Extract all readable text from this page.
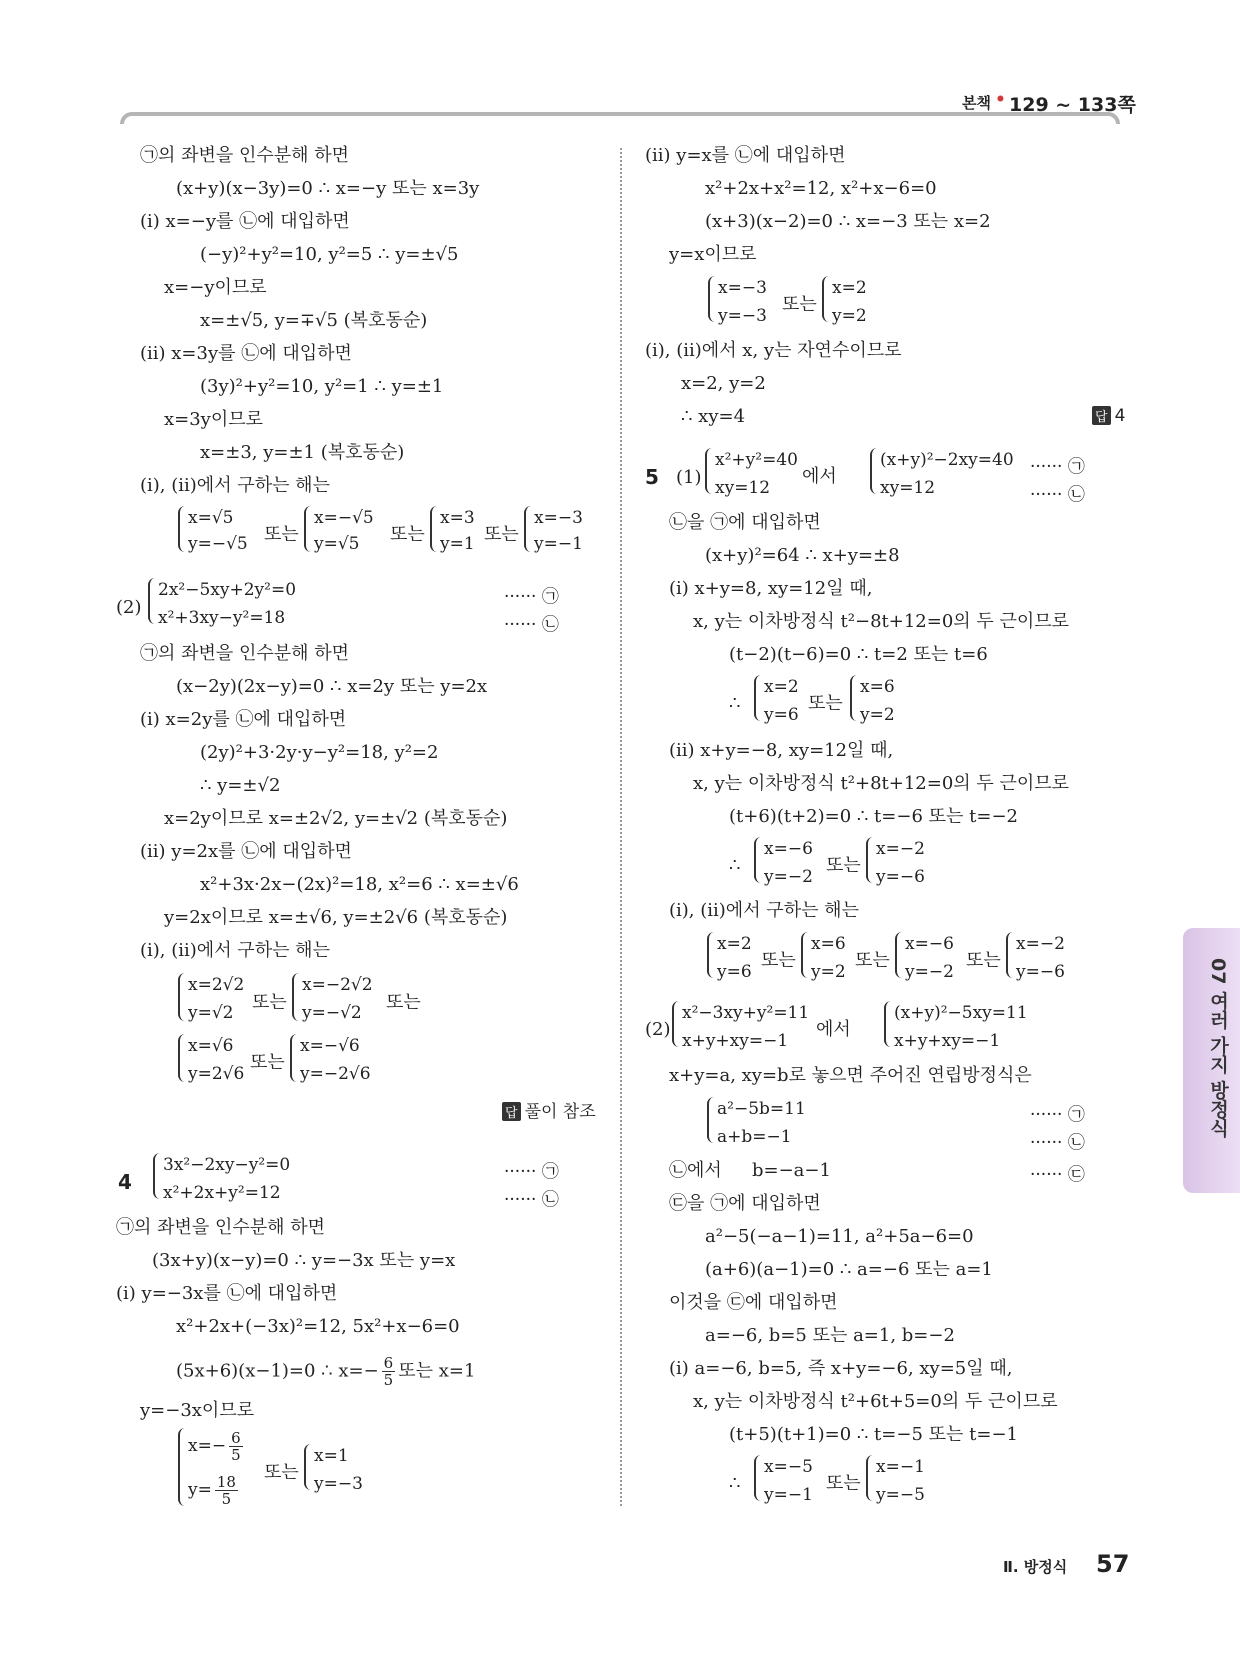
본책 • 129 ~ 133쪽
㉠의 좌변을 인수분해 하면
(x+y)(x−3y)=0 ∴ x=−y 또는 x=3y
(ⅰ) x=−y를 ㉡에 대입하면
(−y)²+y²=10, y²=5 ∴ y=±√5
x=−y이므로
x=±√5, y=∓√5 (복호동순)
(ⅱ) x=3y를 ㉡에 대입하면
(3y)²+y²=10, y²=1 ∴ y=±1
x=3y이므로
x=±3, y=±1 (복호동순)
(ⅰ), (ⅱ)에서 구하는 해는
x=√5
y=−√5 또는
x=−√5
y=√5 또는
x=3
y=1 또는
x=−3
y=−1
(2)
2x²−5xy+2y²=0
x²+3xy−y²=18
······ ㉠
······ ㉡
㉠의 좌변을 인수분해 하면
(x−2y)(2x−y)=0 ∴ x=2y 또는 y=2x
(ⅰ) x=2y를 ㉡에 대입하면
(2y)²+3·2y·y−y²=18, y²=2
∴ y=±√2
x=2y이므로 x=±2√2, y=±√2 (복호동순)
(ⅱ) y=2x를 ㉡에 대입하면
x²+3x·2x−(2x)²=18, x²=6 ∴ x=±√6
y=2x이므로 x=±√6, y=±2√6 (복호동순)
(ⅰ), (ⅱ)에서 구하는 해는
x=2√2
y=√2 또는
x=−2√2
y=−√2 또는
x=√6
y=2√6
또는
x=−√6
y=−2√6
답 풀이 참조
4
3x²−2xy−y²=0
x²+2x+y²=12
······ ㉠
······ ㉡
㉠의 좌변을 인수분해 하면
(3x+y)(x−y)=0 ∴ y=−3x 또는 y=x
(ⅰ) y=−3x를 ㉡에 대입하면
x²+2x+(−3x)²=12, 5x²+x−6=0
(5x+6)(x−1)=0 ∴ $x=- \frac{6}{5}$ 또는 x=1
y=−3x이므로
$x=- \frac{6}{5}$
$y= \frac{18}{5}$
또는
x=1
y=−3
(ⅱ) y=x를 ㉡에 대입하면
x²+2x+x²=12, x²+x−6=0
(x+3)(x−2)=0 ∴ x=−3 또는 x=2
y=x이므로
x=−3
y=−3
또는
x=2
y=2
(ⅰ), (ⅱ)에서 x, y는 자연수이므로
x=2, y=2
∴ xy=4	답 4
5 (1)
x²+y²=40
xy=12
에서
(x+y)²−2xy=40
xy=12
······ ㉠
······ ㉡
㉡을 ㉠에 대입하면
(x+y)²=64 ∴ x+y=±8
(ⅰ) x+y=8, xy=12일 때,
x, y는 이차방정식 t²−8t+12=0의 두 근이므로
(t−2)(t−6)=0 ∴ t=2 또는 t=6
∴
x=2
y=6
또는
x=6
y=2
(ⅱ) x+y=−8, xy=12일 때,
x, y는 이차방정식 t²+8t+12=0의 두 근이므로
(t+6)(t+2)=0 ∴ t=−6 또는 t=−2
∴
x=−6
y=−2
또는
x=−2
y=−6
(ⅰ), (ⅱ)에서 구하는 해는
x=2
y=6
또는
x=6
y=2
또는
x=−6
y=−2
또는
x=−2
y=−6
(2)
x²−3xy+y²=11
x+y+xy=−1
에서
(x+y)²−5xy=11
x+y+xy=−1
x+y=a, xy=b로 놓으면 주어진 연립방정식은
a²−5b=11
a+b=−1
······ ㉠
······ ㉡
㉡에서 b=−a−1	······ ㉢
㉢을 ㉠에 대입하면
a²−5(−a−1)=11, a²+5a−6=0
(a+6)(a−1)=0 ∴ a=−6 또는 a=1
이것을 ㉢에 대입하면
a=−6, b=5 또는 a=1, b=−2
(ⅰ) a=−6, b=5, 즉 x+y=−6, xy=5일 때,
x, y는 이차방정식 t²+6t+5=0의 두 근이므로
(t+5)(t+1)=0 ∴ t=−5 또는 t=−1
∴
x=−5
y=−1
또는
x=−1
y=−5
07 여러 가지 방정식
Ⅱ. 방정식 57
